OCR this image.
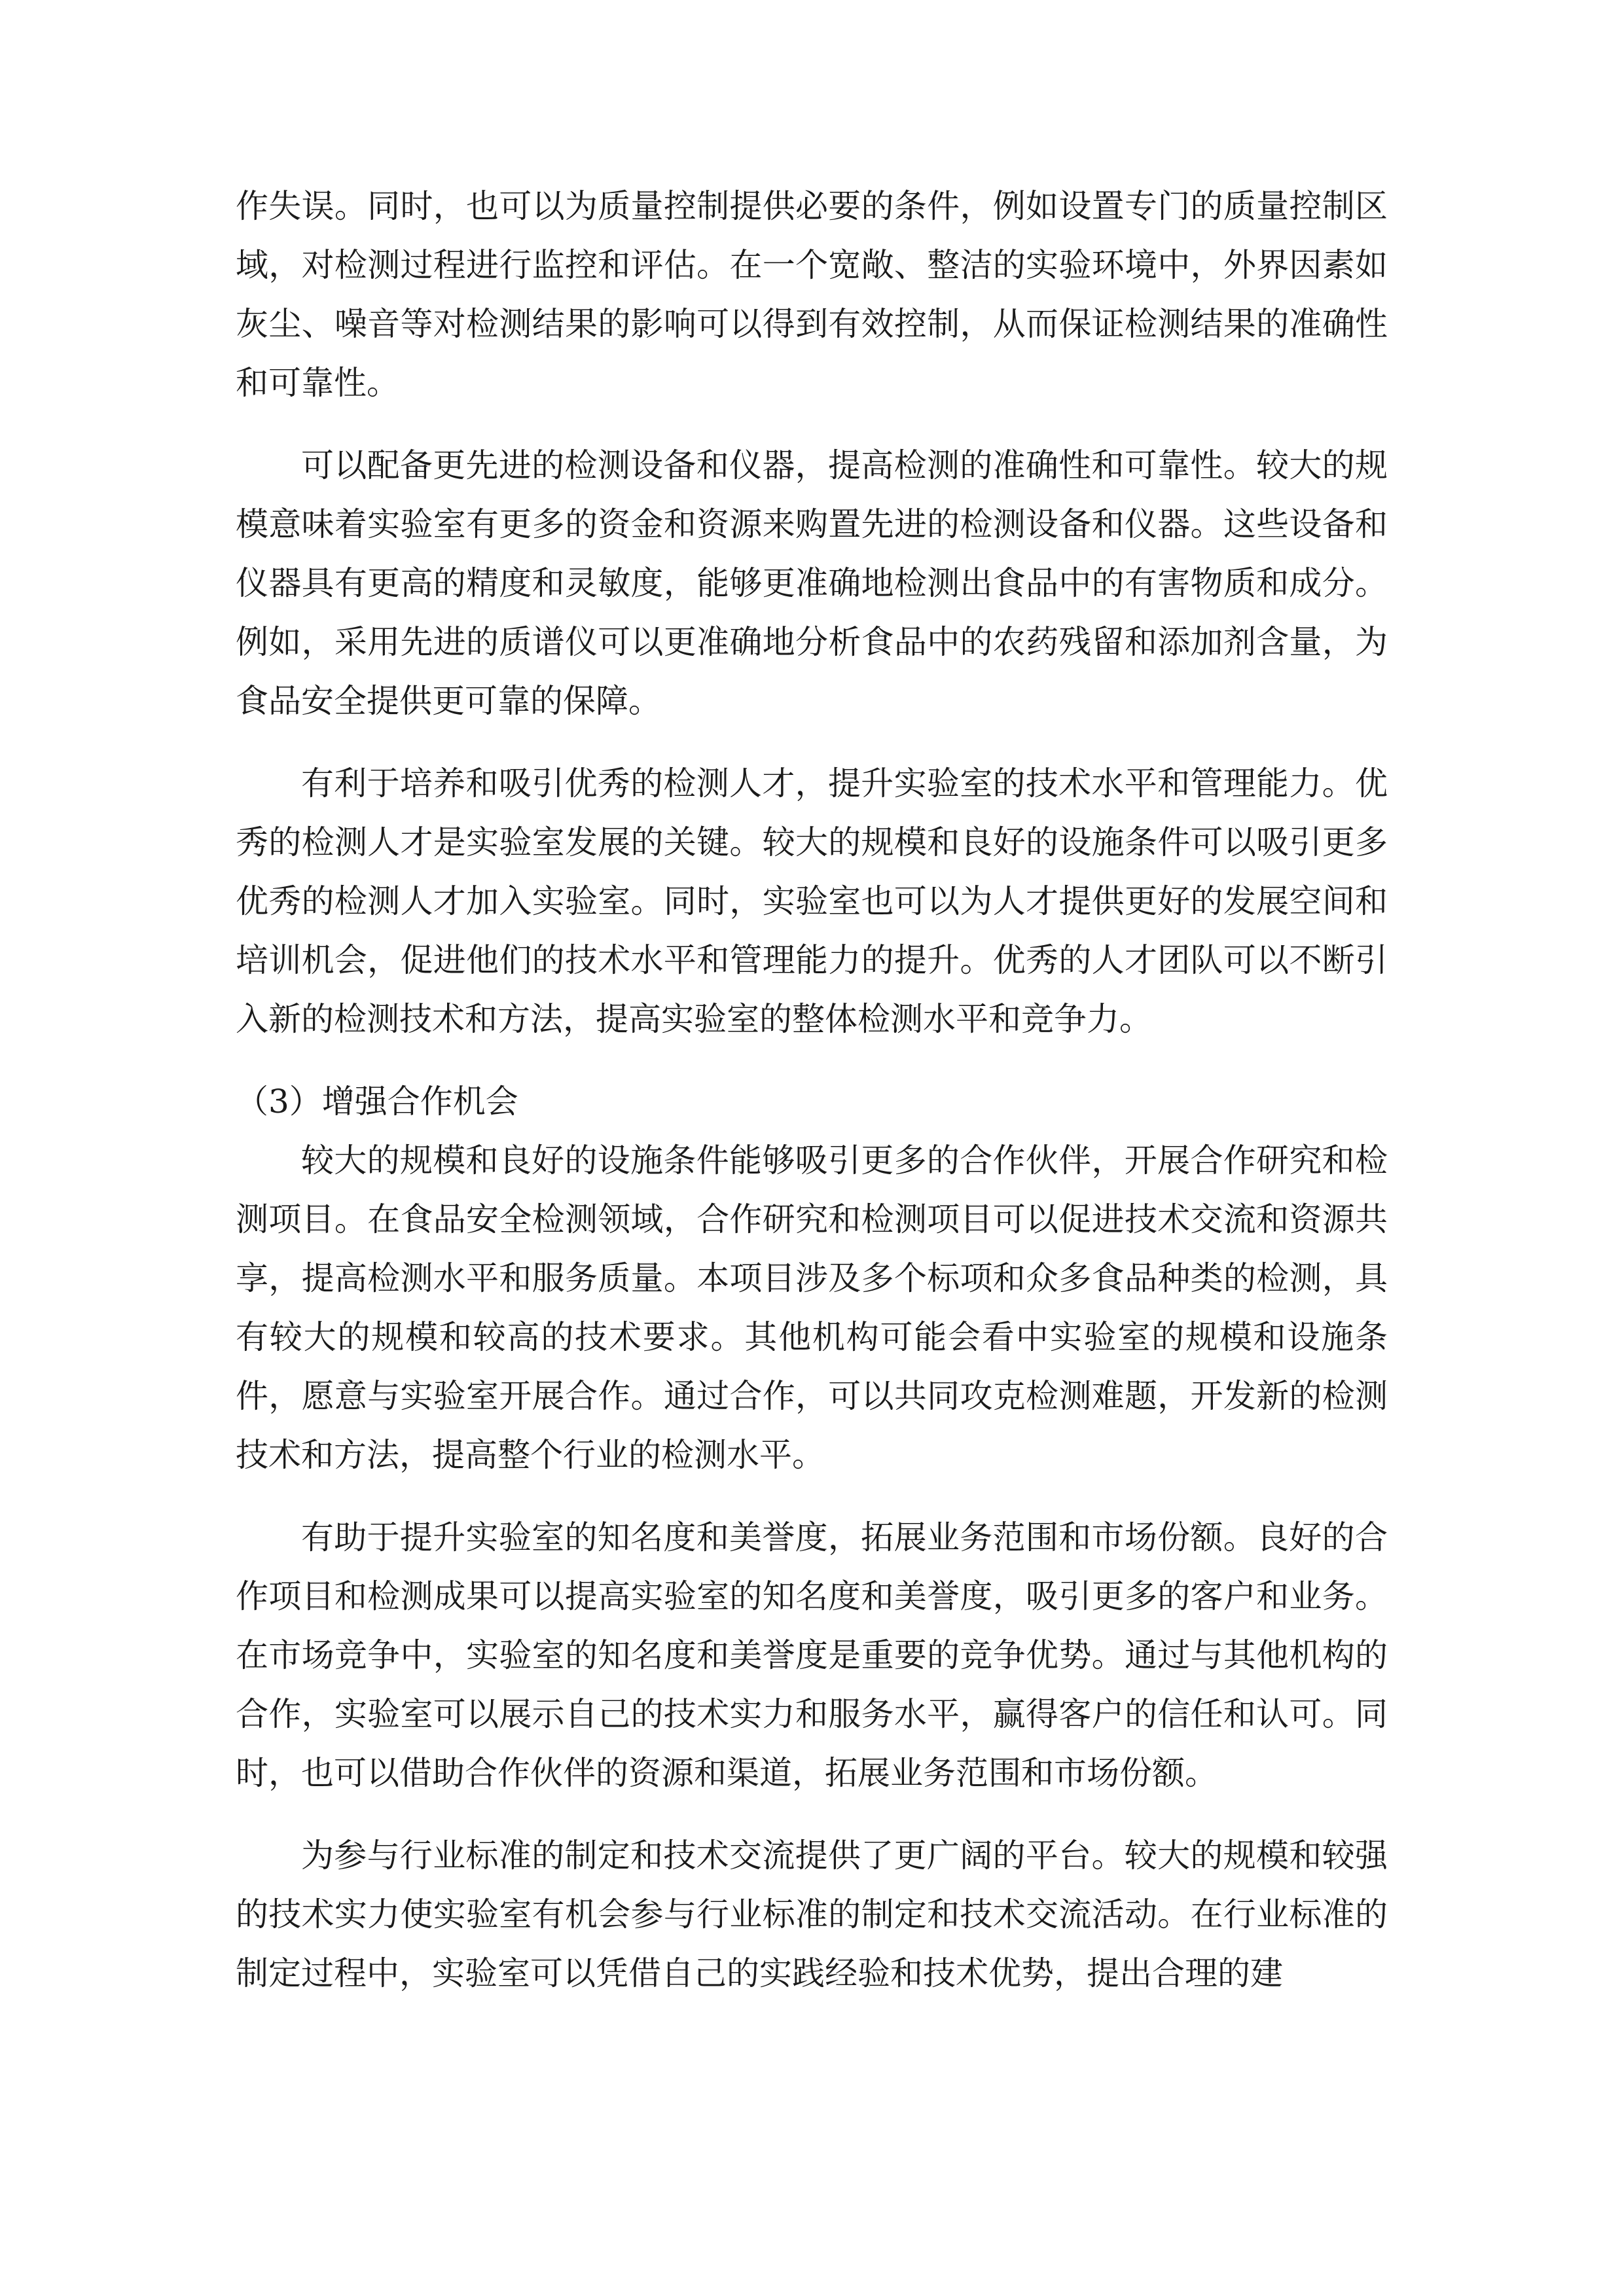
作失误。同时，也可以为质量控制提供必要的条件，例如设置专门的质量控制区域，对检测过程进行监控和评估。在一个宽敞、整洁的实验环境中，外界因素如灰尘、噪音等对检测结果的影响可以得到有效控制，从而保证检测结果的准确性和可靠性。

可以配备更先进的检测设备和仪器，提高检测的准确性和可靠性。较大的规模意味着实验室有更多的资金和资源来购置先进的检测设备和仪器。这些设备和仪器具有更高的精度和灵敏度，能够更准确地检测出食品中的有害物质和成分。例如，采用先进的质谱仪可以更准确地分析食品中的农药残留和添加剂含量，为食品安全提供更可靠的保障。

有利于培养和吸引优秀的检测人才，提升实验室的技术水平和管理能力。优秀的检测人才是实验室发展的关键。较大的规模和良好的设施条件可以吸引更多优秀的检测人才加入实验室。同时，实验室也可以为人才提供更好的发展空间和培训机会，促进他们的技术水平和管理能力的提升。优秀的人才团队可以不断引入新的检测技术和方法，提高实验室的整体检测水平和竞争力。

（3）增强合作机会

较大的规模和良好的设施条件能够吸引更多的合作伙伴，开展合作研究和检测项目。在食品安全检测领域，合作研究和检测项目可以促进技术交流和资源共享，提高检测水平和服务质量。本项目涉及多个标项和众多食品种类的检测，具有较大的规模和较高的技术要求。其他机构可能会看中实验室的规模和设施条件，愿意与实验室开展合作。通过合作，可以共同攻克检测难题，开发新的检测技术和方法，提高整个行业的检测水平。

有助于提升实验室的知名度和美誉度，拓展业务范围和市场份额。良好的合作项目和检测成果可以提高实验室的知名度和美誉度，吸引更多的客户和业务。在市场竞争中，实验室的知名度和美誉度是重要的竞争优势。通过与其他机构的合作，实验室可以展示自己的技术实力和服务水平，赢得客户的信任和认可。同时，也可以借助合作伙伴的资源和渠道，拓展业务范围和市场份额。

为参与行业标准的制定和技术交流提供了更广阔的平台。较大的规模和较强的技术实力使实验室有机会参与行业标准的制定和技术交流活动。在行业标准的制定过程中，实验室可以凭借自己的实践经验和技术优势，提出合理的建
